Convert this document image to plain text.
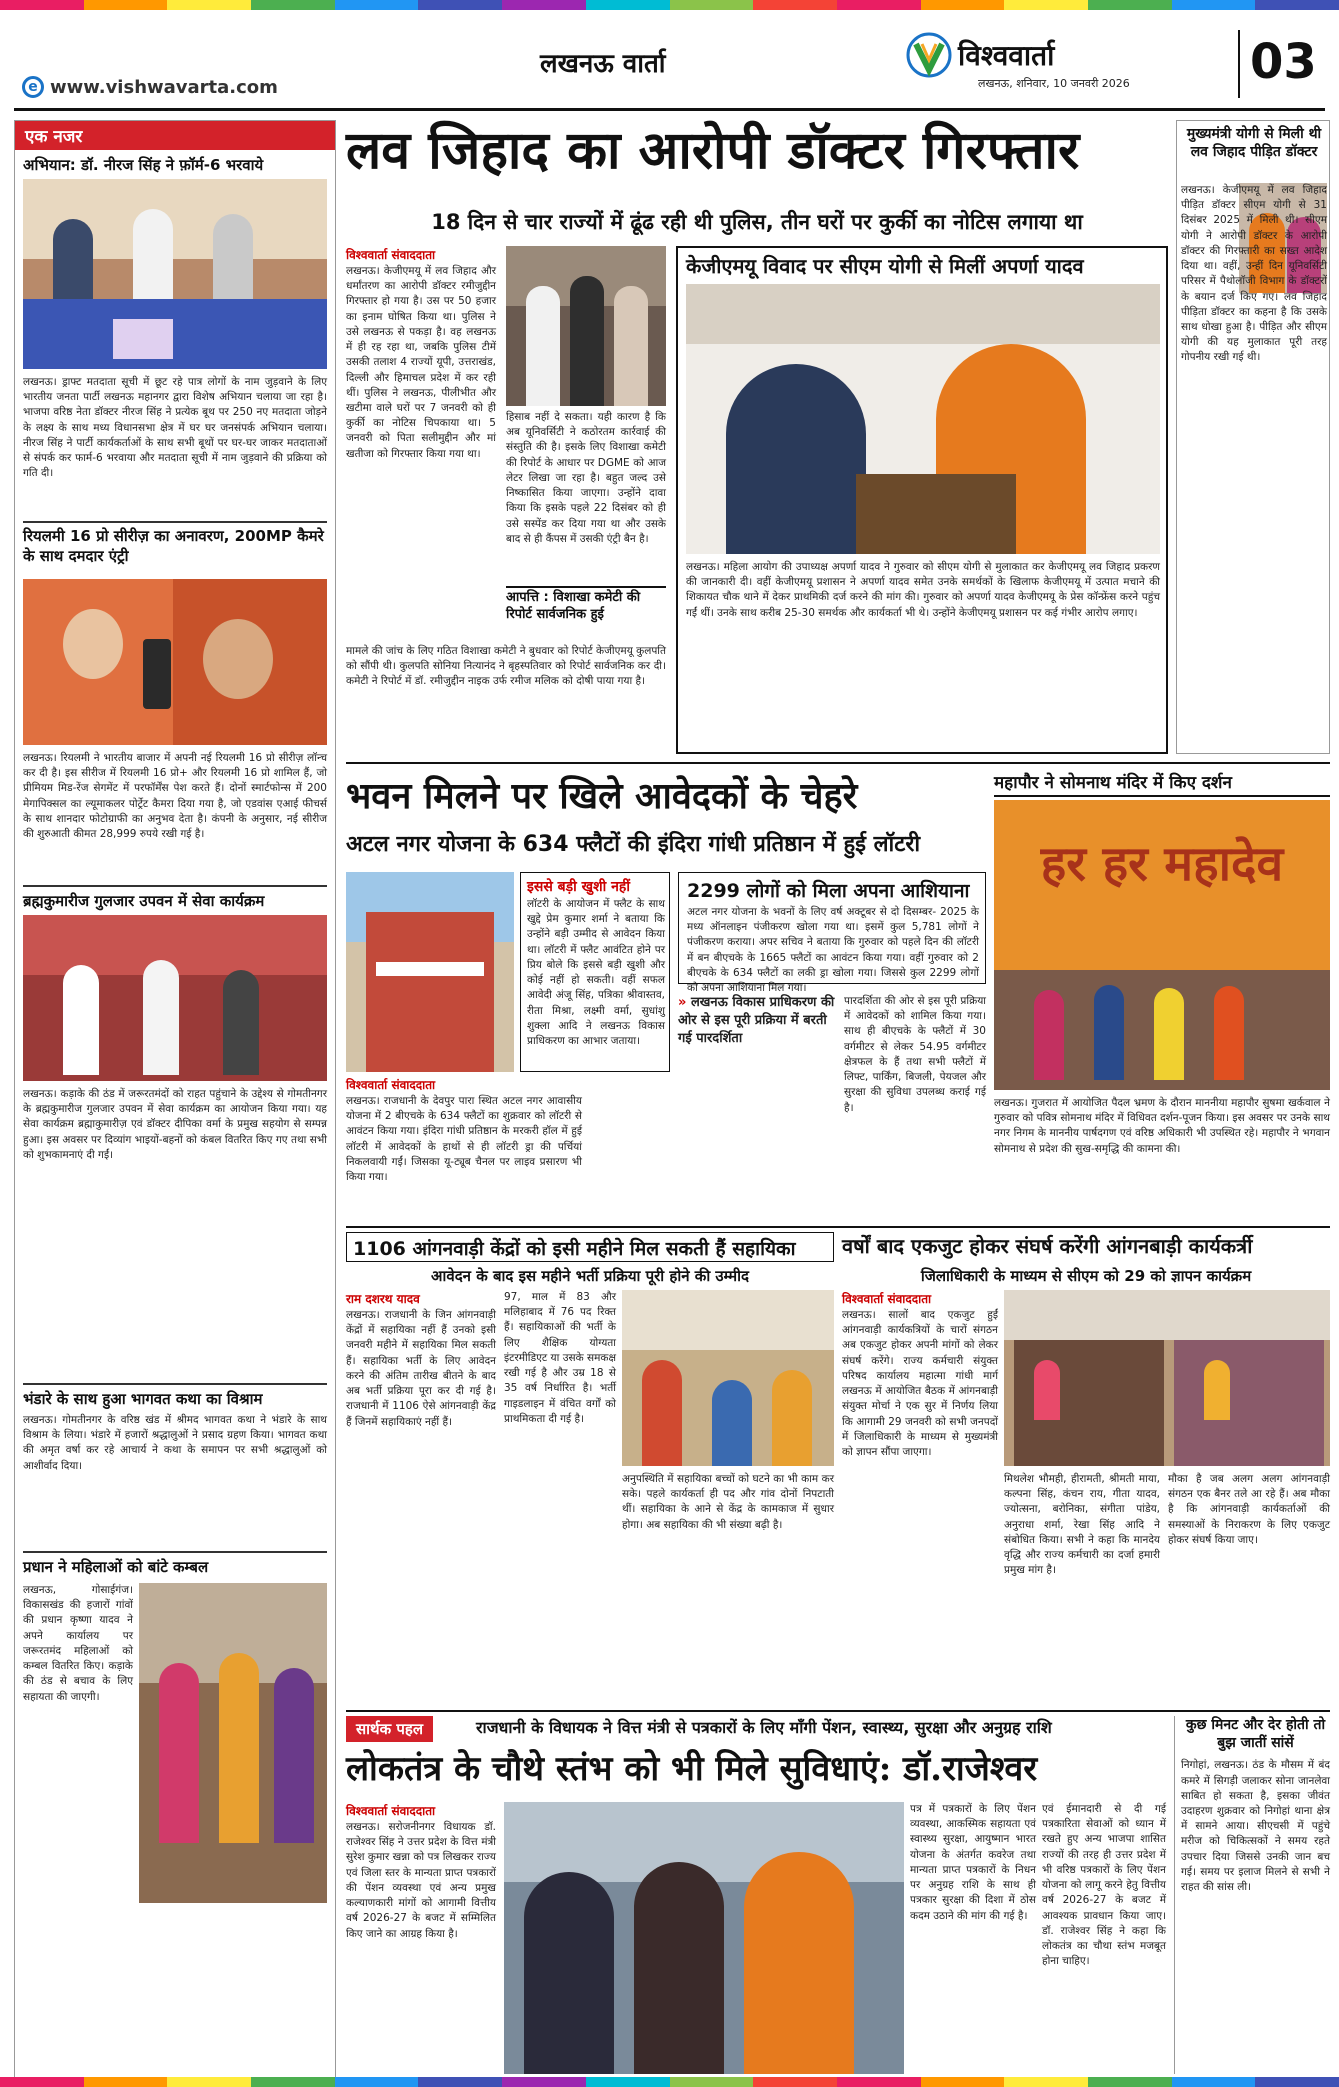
लखनऊ वार्ता
e www.vishwavarta.com
विश्ववार्ता
लखनऊ, शनिवार, 10 जनवरी 2026	03
एक नजर
अभियान: डॉ. नीरज सिंह ने फ़ॉर्म-6 भरवाये
लखनऊ। ड्राफ्ट मतदाता सूची में छूट रहे पात्र लोगों के नाम जुड़वाने के लिए भारतीय जनता पार्टी लखनऊ महानगर द्वारा विशेष अभियान चलाया जा रहा है। भाजपा वरिष्ठ नेता डॉक्टर नीरज सिंह ने प्रत्येक बूथ पर 250 नए मतदाता जोड़ने के लक्ष्य के साथ मध्य विधानसभा क्षेत्र में घर घर जनसंपर्क अभियान चलाया। नीरज सिंह ने पार्टी कार्यकर्ताओं के साथ सभी बूथों पर घर-घर जाकर मतदाताओं से संपर्क कर फार्म-6 भरवाया और मतदाता सूची में नाम जुड़वाने की प्रक्रिया को गति दी।
रियलमी 16 प्रो सीरीज़ का अनावरण, 200MP कैमरे के साथ दमदार एंट्री
लखनऊ। रियलमी ने भारतीय बाजार में अपनी नई रियलमी 16 प्रो सीरीज़ लॉन्च कर दी है। इस सीरीज में रियलमी 16 प्रो+ और रियलमी 16 प्रो शामिल हैं, जो प्रीमियम मिड-रेंज सेगमेंट में परफॉर्मेंस पेश करते हैं। दोनों स्मार्टफोन्स में 200 मेगापिक्सल का ल्यूमाकलर पोर्ट्रेट कैमरा दिया गया है, जो एडवांस एआई फीचर्स के साथ शानदार फोटोग्राफी का अनुभव देता है। कंपनी के अनुसार, नई सीरीज की शुरुआती कीमत 28,999 रुपये रखी गई है।
ब्रह्मकुमारीज गुलजार उपवन में सेवा कार्यक्रम
लखनऊ। कड़ाके की ठंड में जरूरतमंदों को राहत पहुंचाने के उद्देश्य से गोमतीनगर के ब्रह्मकुमारीज गुलजार उपवन में सेवा कार्यक्रम का आयोजन किया गया। यह सेवा कार्यक्रम ब्रह्माकुमारीज़ एवं डॉक्टर दीपिका वर्मा के प्रमुख सहयोग से सम्पन्न हुआ। इस अवसर पर दिव्यांग भाइयों-बहनों को कंबल वितरित किए गए तथा सभी को शुभकामनाएं दी गईं।
भंडारे के साथ हुआ भागवत कथा का विश्राम
लखनऊ। गोमतीनगर के वरिष्ठ खंड में श्रीमद भागवत कथा ने भंडारे के साथ विश्राम के लिया। भंडारे में हजारों श्रद्धालुओं ने प्रसाद ग्रहण किया। भागवत कथा की अमृत वर्षा कर रहे आचार्य ने कथा के समापन पर सभी श्रद्धालुओं को आशीर्वाद दिया।
प्रधान ने महिलाओं को बांटे कम्बल
लखनऊ, गोसाईगंज। विकासखंड की हजारों गांवों की प्रधान कृष्णा यादव ने अपने कार्यालय पर जरूरतमंद महिलाओं को कम्बल वितरित किए। कड़ाके की ठंड से बचाव के लिए सहायता की जाएगी।
लव जिहाद का आरोपी डॉक्टर गिरफ्तार
18 दिन से चार राज्यों में ढूंढ रही थी पुलिस, तीन घरों पर कुर्की का नोटिस लगाया था
विश्ववार्ता संवाददाता
लखनऊ। केजीएमयू में लव जिहाद और धर्मांतरण का आरोपी डॉक्टर रमीजुद्दीन गिरफ्तार हो गया है। उस पर 50 हजार का इनाम घोषित किया था। पुलिस ने उसे लखनऊ से पकड़ा है। वह लखनऊ में ही रह रहा था, जबकि पुलिस टीमें उसकी तलाश 4 राज्यों यूपी, उत्तराखंड, दिल्ली और हिमाचल प्रदेश में कर रही थीं। पुलिस ने लखनऊ, पीलीभीत और खटीमा वाले घरों पर 7 जनवरी को ही कुर्की का नोटिस चिपकाया था। 5 जनवरी को पिता सलीमुद्दीन और मां खतीजा को गिरफ्तार किया गया था।
हिसाब नहीं दे सकता। यही कारण है कि अब यूनिवर्सिटी ने कठोरतम कार्रवाई की संस्तुति की है। इसके लिए विशाखा कमेटी की रिपोर्ट के आधार पर DGME को आज लेटर लिखा जा रहा है। बहुत जल्द उसे निष्कासित किया जाएगा। उन्होंने दावा किया कि इसके पहले 22 दिसंबर को ही उसे सस्पेंड कर दिया गया था और उसके बाद से ही कैंपस में उसकी एंट्री बैन है।
आपत्ति : विशाखा कमेटी की रिपोर्ट सार्वजनिक हुई
मामले की जांच के लिए गठित विशाखा कमेटी ने बुधवार को रिपोर्ट केजीएमयू कुलपति को सौंपी थी। कुलपति सोनिया नित्यानंद ने बृहस्पतिवार को रिपोर्ट सार्वजनिक कर दी। कमेटी ने रिपोर्ट में डॉ. रमीजुद्दीन नाइक उर्फ रमीज मलिक को दोषी पाया गया है।
केजीएमयू विवाद पर सीएम योगी से मिलीं अपर्णा यादव
लखनऊ। महिला आयोग की उपाध्यक्ष अपर्णा यादव ने गुरुवार को सीएम योगी से मुलाकात कर केजीएमयू लव जिहाद प्रकरण की जानकारी दी। वहीं केजीएमयू प्रशासन ने अपर्णा यादव समेत उनके समर्थकों के खिलाफ केजीएमयू में उत्पात मचाने की शिकायत चौक थाने में देकर प्राथमिकी दर्ज करने की मांग की। गुरुवार को अपर्णा यादव केजीएमयू के प्रेस कॉन्फ्रेंस करने पहुंच गईं थीं। उनके साथ करीब 25-30 समर्थक और कार्यकर्ता भी थे। उन्होंने केजीएमयू प्रशासन पर कई गंभीर आरोप लगाए।
मुख्यमंत्री योगी से मिली थी लव जिहाद पीड़ित डॉक्टर
लखनऊ। केजीएमयू में लव जिहाद पीड़ित डॉक्टर सीएम योगी से 31 दिसंबर 2025 में मिली थी। सीएम योगी ने आरोपी डॉक्टर के आरोपी डॉक्टर की गिरफ्तारी का सख्त आदेश दिया था। वहीं, उन्हीं दिन यूनिवर्सिटी परिसर में पैथोलॉजी विभाग के डॉक्टरों के बयान दर्ज किए गए। लव जिहाद पीड़िता डॉक्टर का कहना है कि उसके साथ धोखा हुआ है। पीड़ित और सीएम योगी की यह मुलाकात पूरी तरह गोपनीय रखी गई थी।
भवन मिलने पर खिले आवेदकों के चेहरे
अटल नगर योजना के 634 फ्लैटों की इंदिरा गांधी प्रतिष्ठान में हुई लॉटरी
विश्ववार्ता संवाददाता
लखनऊ। राजधानी के देवपुर पारा स्थित अटल नगर आवासीय योजना में 2 बीएचके के 634 फ्लैटों का शुक्रवार को लॉटरी से आवंटन किया गया। इंदिरा गांधी प्रतिष्ठान के मरकरी हॉल में हुई लॉटरी में आवेदकों के हाथों से ही लॉटरी ड्रा की पर्चियां निकलवायी गईं। जिसका यू-ट्यूब चैनल पर लाइव प्रसारण भी किया गया।
इससे बड़ी खुशी नहीं
लॉटरी के आयोजन में फ्लैट के साथ खुद्दे प्रेम कुमार शर्मा ने बताया कि उन्होंने बड़ी उम्मीद से आवेदन किया था। लॉटरी में फ्लैट आवंटित होने पर प्रिय बोले कि इससे बड़ी खुशी और कोई नहीं हो सकती। वहीं सफल आवेदी अंजू सिंह, पत्रिका श्रीवास्तव, रीता मिश्रा, लक्ष्मी वर्मा, सुधांशु शुक्ला आदि ने लखनऊ विकास प्राधिकरण का आभार जताया।
2299 लोगों को मिला अपना आशियाना
अटल नगर योजना के भवनों के लिए वर्ष अक्टूबर से दो दिसम्बर- 2025 के मध्य ऑनलाइन पंजीकरण खोला गया था। इसमें कुल 5,781 लोगों ने पंजीकरण कराया। अपर सचिव ने बताया कि गुरुवार को पहले दिन की लॉटरी में बन बीएचके के 1665 फ्लैटों का आवंटन किया गया। वहीं गुरुवार को 2 बीएचके के 634 फ्लैटों का लकी ड्रा खोला गया। जिससे कुल 2299 लोगों को अपना आशियाना मिल गया।
» लखनऊ विकास प्राधिकरण की ओर से इस पूरी प्रक्रिया में बरती गई पारदर्शिता
पारदर्शिता की ओर से इस पूरी प्रक्रिया में आवेदकों को शामिल किया गया। साथ ही बीएचके के फ्लैटों में 30 वर्गमीटर से लेकर 54.95 वर्गमीटर क्षेत्रफल के हैं तथा सभी फ्लैटों में लिफ्ट, पार्किंग, बिजली, पेयजल और सुरक्षा की सुविधा उपलब्ध कराई गई है।
महापौर ने सोमनाथ मंदिर में किए दर्शन
हर हर महादेव
लखनऊ। गुजरात में आयोजित पैदल भ्रमण के दौरान माननीया महापौर सुषमा खर्कवाल ने गुरुवार को पवित्र सोमनाथ मंदिर में विधिवत दर्शन-पूजन किया। इस अवसर पर उनके साथ नगर निगम के माननीय पार्षदगण एवं वरिष्ठ अधिकारी भी उपस्थित रहे। महापौर ने भगवान सोमनाथ से प्रदेश की सुख-समृद्धि की कामना की।
1106 आंगनवाड़ी केंद्रों को इसी महीने मिल सकती हैं सहायिका
आवेदन के बाद इस महीने भर्ती प्रक्रिया पूरी होने की उम्मीद
राम दशरथ यादव
लखनऊ। राजधानी के जिन आंगनवाड़ी केंद्रों में सहायिका नहीं हैं उनको इसी जनवरी महीने में सहायिका मिल सकती हैं। सहायिका भर्ती के लिए आवेदन करने की अंतिम तारीख बीतने के बाद अब भर्ती प्रक्रिया पूरा कर दी गई है। राजधानी में 1106 ऐसे आंगनवाड़ी केंद्र हैं जिनमें सहायिकाएं नहीं हैं।
97, माल में 83 और मलिहाबाद में 76 पद रिक्त हैं। सहायिकाओं की भर्ती के लिए शैक्षिक योग्यता इंटरमीडिएट या उसके समकक्ष रखी गई है और उम्र 18 से 35 वर्ष निर्धारित है। भर्ती गाइडलाइन में वंचित वर्गों को प्राथमिकता दी गई है।
अनुपस्थिति में सहायिका बच्चों को घटने का भी काम कर सके। पहले कार्यकर्ता ही पद और गांव दोनों निपटाती थीं। सहायिका के आने से केंद्र के कामकाज में सुधार होगा। अब सहायिका की भी संख्या बढ़ी है।
वर्षों बाद एकजुट होकर संघर्ष करेंगी आंगनबाड़ी कार्यकर्त्री
जिलाधिकारी के माध्यम से सीएम को 29 को ज्ञापन कार्यक्रम
विश्ववार्ता संवाददाता
लखनऊ। सालों बाद एकजुट हुईं आंगनवाड़ी कार्यकत्रियों के चारों संगठन अब एकजुट होकर अपनी मांगों को लेकर संघर्ष करेंगे। राज्य कर्मचारी संयुक्त परिषद कार्यालय महात्मा गांधी मार्ग लखनऊ में आयोजित बैठक में आंगनबाड़ी संयुक्त मोर्चा ने एक सुर में निर्णय लिया कि आगामी 29 जनवरी को सभी जनपदों में जिलाधिकारी के माध्यम से मुख्यमंत्री को ज्ञापन सौंपा जाएगा।
मिथलेश भौमही, हीरामती, श्रीमती माया, कल्पना सिंह, कंचन राय, गीता यादव, ज्योत्सना, बरोनिका, संगीता पांडेय, अनुराधा शर्मा, रेखा सिंह आदि ने संबोधित किया। सभी ने कहा कि मानदेय वृद्धि और राज्य कर्मचारी का दर्जा हमारी प्रमुख मांग है।
मौका है जब अलग अलग आंगनवाड़ी संगठन एक बैनर तले आ रहे हैं। अब मौका है कि आंगनवाड़ी कार्यकर्ताओं की समस्याओं के निराकरण के लिए एकजुट होकर संघर्ष किया जाए।
सार्थक पहल	राजधानी के विधायक ने वित्त मंत्री से पत्रकारों के लिए माँगी पेंशन, स्वास्थ्य, सुरक्षा और अनुग्रह राशि
लोकतंत्र के चौथे स्तंभ को भी मिले सुविधाएं: डॉ.राजेश्वर
विश्ववार्ता संवाददाता
लखनऊ। सरोजनीनगर विधायक डॉ. राजेश्वर सिंह ने उत्तर प्रदेश के वित्त मंत्री सुरेश कुमार खन्ना को पत्र लिखकर राज्य एवं जिला स्तर के मान्यता प्राप्त पत्रकारों की पेंशन व्यवस्था एवं अन्य प्रमुख कल्याणकारी मांगों को आगामी वित्तीय वर्ष 2026-27 के बजट में सम्मिलित किए जाने का आग्रह किया है।
पत्र में पत्रकारों के लिए पेंशन व्यवस्था, आकस्मिक सहायता एवं स्वास्थ्य सुरक्षा, आयुष्मान भारत योजना के अंतर्गत कवरेज तथा मान्यता प्राप्त पत्रकारों के निधन पर अनुग्रह राशि के साथ ही पत्रकार सुरक्षा की दिशा में ठोस कदम उठाने की मांग की गई है।
एवं ईमानदारी से दी गई पत्रकारिता सेवाओं को ध्यान में रखते हुए अन्य भाजपा शासित राज्यों की तरह ही उत्तर प्रदेश में भी वरिष्ठ पत्रकारों के लिए पेंशन योजना को लागू करने हेतु वित्तीय वर्ष 2026-27 के बजट में आवश्यक प्रावधान किया जाए। डॉ. राजेश्वर सिंह ने कहा कि लोकतंत्र का चौथा स्तंभ मजबूत होना चाहिए।
कुछ मिनट और देर होती तो बुझ जातीं सांसें
निगोहां, लखनऊ। ठंड के मौसम में बंद कमरे में सिगड़ी जलाकर सोना जानलेवा साबित हो सकता है, इसका जीवंत उदाहरण शुक्रवार को निगोहां थाना क्षेत्र में सामने आया। सीएचसी में पहुंचे मरीज को चिकित्सकों ने समय रहते उपचार दिया जिससे उनकी जान बच गई। समय पर इलाज मिलने से सभी ने राहत की सांस ली।
